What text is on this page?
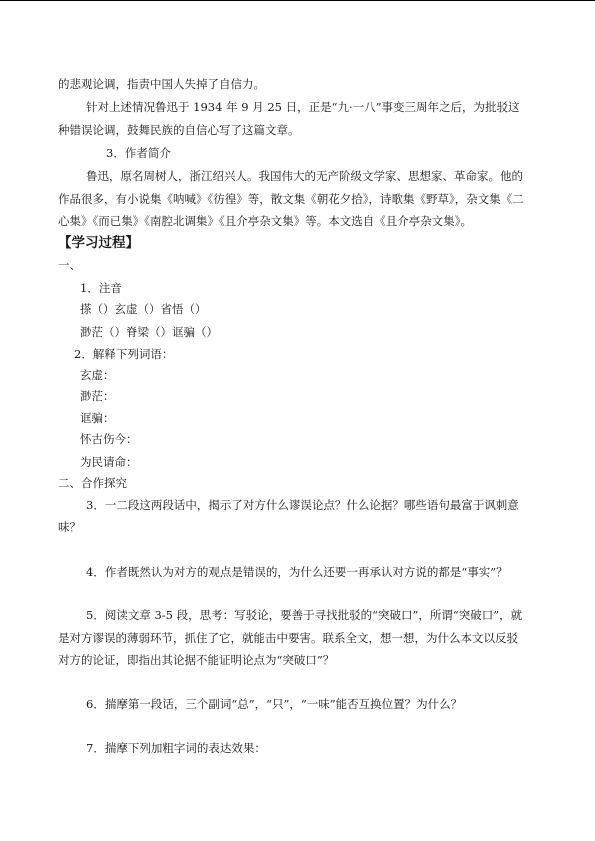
的悲观论调，指责中国人失掉了自信力。
针对上述情况鲁迅于 1934 年 9 月 25 日，正是“九·一八”事变三周年之后，为批驳这
种错误论调，鼓舞民族的自信心写了这篇文章。
3．作者简介
鲁迅，原名周树人，浙江绍兴人。我国伟大的无产阶级文学家、思想家、革命家。他的
作品很多，有小说集《呐喊》《彷徨》等，散文集《朝花夕拾》，诗歌集《野草》，杂文集《二
心集》《而已集》《南腔北调集》《且介亭杂文集》等。本文选自《且介亭杂文集》。
【学习过程】
一、
1．注音
搽（）玄虚（）省悟（）
渺茫（）脊梁（）诓骗（）
2．解释下列词语：
玄虚：
渺茫：
诓骗：
怀古伤今：
为民请命：
二、合作探究
3．一二段这两段话中，揭示了对方什么谬误论点？什么论据？哪些语句最富于讽刺意
味？
4．作者既然认为对方的观点是错误的，为什么还要一再承认对方说的都是“事实”？
5．阅读文章 3-5 段，思考：写驳论，要善于寻找批驳的“突破口”，所谓“突破口”，就
是对方谬误的薄弱环节，抓住了它，就能击中要害。联系全文，想一想，为什么本文以反驳
对方的论证，即指出其论据不能证明论点为“突破口”？
6．揣摩第一段话，三个副词“总”，“只”，“一味”能否互换位置？为什么？
7．揣摩下列加粗字词的表达效果：
